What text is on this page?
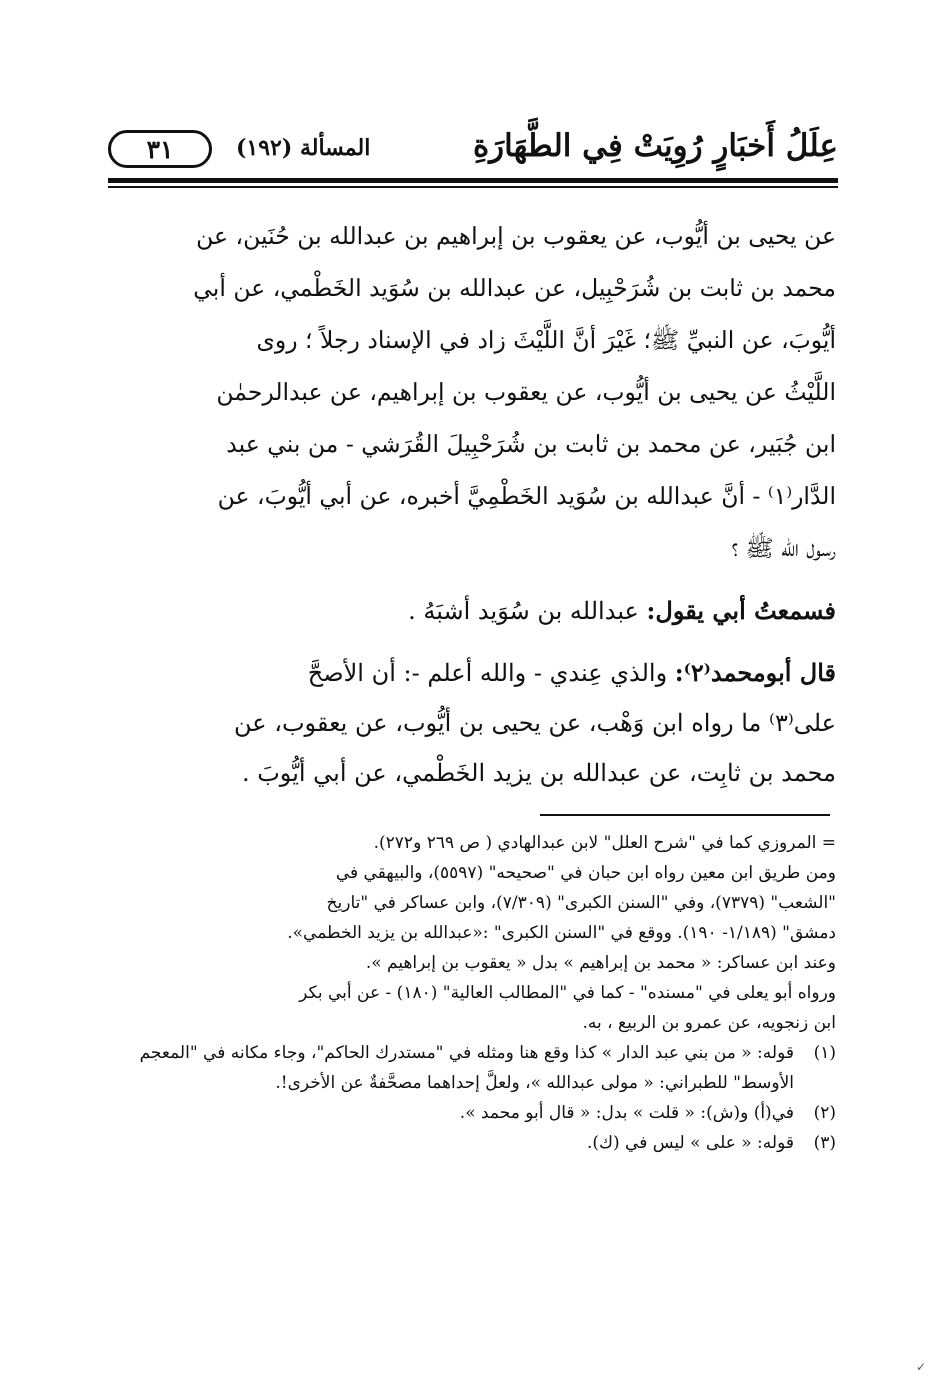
عِلَلُ أَخبَارٍ رُوِيَتْ فِي الطَّهَارَةِ
المسألة (١٩٢)
٣١
عن يحيى بن أيُّوب، عن يعقوب بن إبراهيم بن عبدالله بن حُنَين، عن
محمد بن ثابت بن شُرَحْبِيل، عن عبدالله بن سُوَيد الخَطْمي، عن أبي
أيُّوبَ، عن النبيِّ ﷺ؛ غَيْرَ أنَّ اللَّيْثَ زاد في الإسناد رجلاً ؛ روى
اللَّيْثُ عن يحيى بن أيُّوب، عن يعقوب بن إبراهيم، عن عبدالرحمٰن
ابن جُبَير، عن محمد بن ثابت بن شُرَحْبِيلَ القُرَشي - من بني عبد
الدَّار⁽١⁾ - أنَّ عبدالله بن سُوَيد الخَطْمِيَّ أخبره، عن أبي أيُّوبَ، عن
رسول الله ﷺ ؟
فسمعتُ أبي يقول: عبدالله بن سُوَيد أشبَهُ .
قال أبومحمد⁽٢⁾: والذي عِندي - والله أعلم -: أن الأصحَّ
على⁽٣⁾ ما رواه ابن وَهْب، عن يحيى بن أيُّوب، عن يعقوب، عن
محمد بن ثابِت، عن عبدالله بن يزيد الخَطْمي، عن أبي أيُّوبَ .
= المروزي كما في "شرح العلل" لابن عبدالهادي ( ص ٢٦٩ و٢٧٢).
ومن طريق ابن معين رواه ابن حبان في "صحيحه" (٥٥٩٧)، والبيهقي في
"الشعب" (٧٣٧٩)، وفي "السنن الكبرى" (٧/٣٠٩)، وابن عساكر في "تاريخ
دمشق" (١/١٨٩- ١٩٠). ووقع في "السنن الكبرى" :«عبدالله بن يزيد الخطمي».
وعند ابن عساكر: « محمد بن إبراهيم » بدل « يعقوب بن إبراهيم ».
ورواه أبو يعلى في "مسنده" - كما في "المطالب العالية" (١٨٠) - عن أبي بكر
ابن زنجويه، عن عمرو بن الربيع ، به.
(١)
قوله: « من بني عبد الدار » كذا وقع هنا ومثله في "مستدرك الحاكم"، وجاء مكانه في "المعجم الأوسط" للطبراني: « مولى عبدالله »، ولعلَّ إحداهما مصحَّفةٌ عن الأخرى!.
(٢)
في(أ) و(ش): « قلت » بدل: « قال أبو محمد ».
(٣)
قوله: « على » ليس في (ك).
✓
